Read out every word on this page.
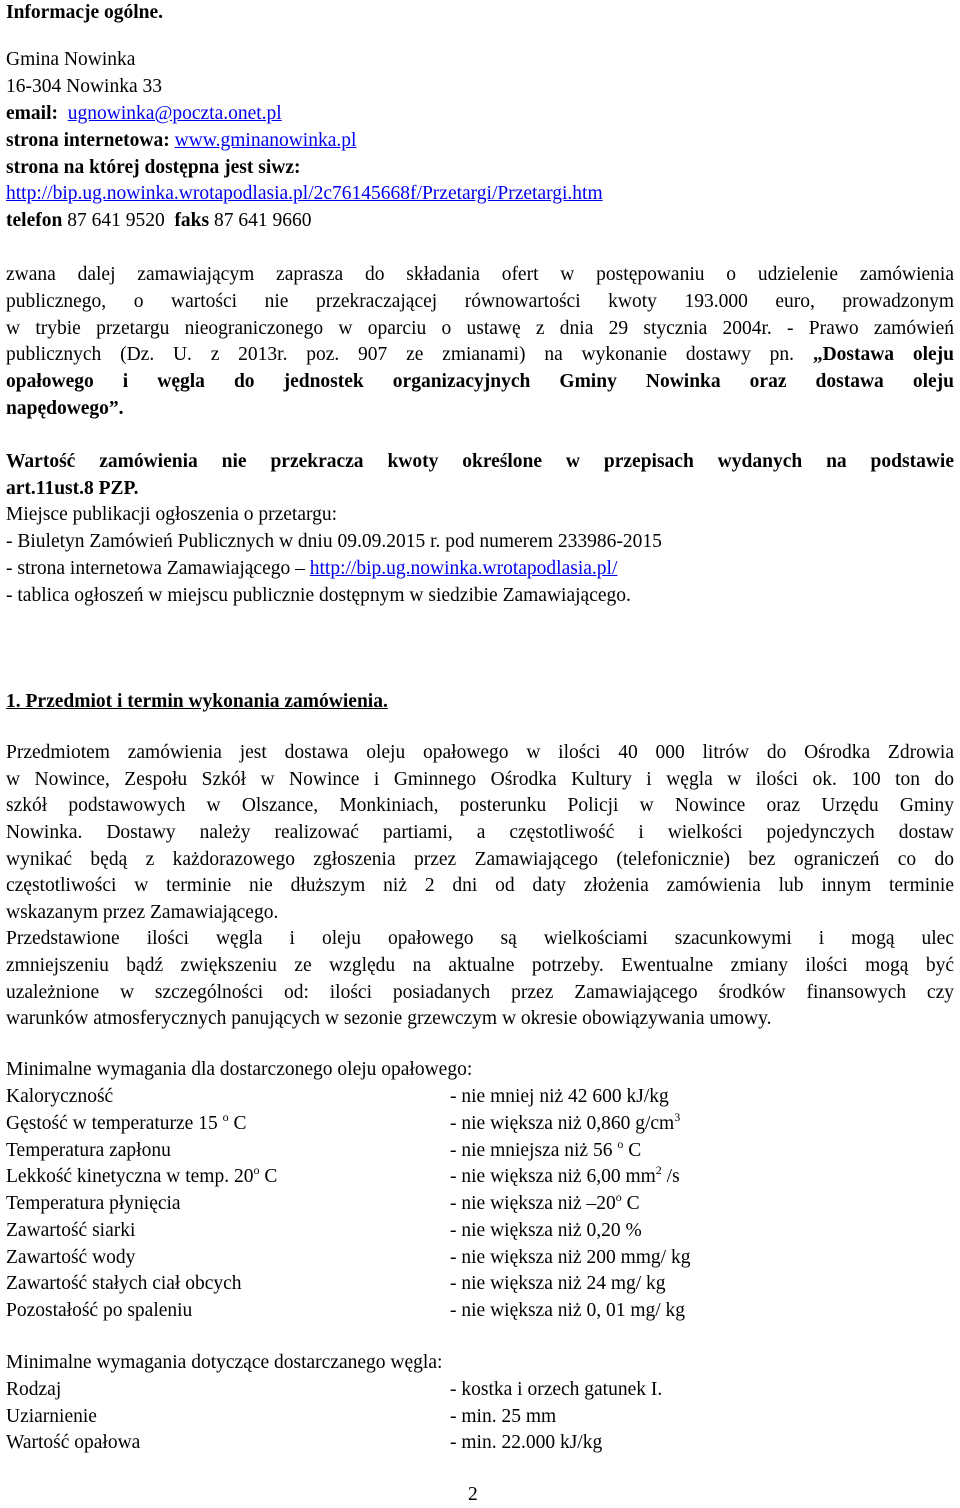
Informacje ogólne.
Gmina Nowinka
16-304 Nowinka 33
email: ugnowinka@poczta.onet.pl
strona internetowa: www.gminanowinka.pl
strona na której dostępna jest siwz:
http://bip.ug.nowinka.wrotapodlasia.pl/2c76145668f/Przetargi/Przetargi.htm
telefon 87 641 9520 faks 87 641 9660
zwana dalej zamawiającym zaprasza do składania ofert w postępowaniu o udzielenie zamówienia
publicznego, o wartości nie przekraczającej równowartości kwoty 193.000 euro, prowadzonym
w trybie przetargu nieograniczonego w oparciu o ustawę z dnia 29 stycznia 2004r. - Prawo zamówień
publicznych (Dz. U. z 2013r. poz. 907 ze zmianami) na wykonanie dostawy pn. „Dostawa oleju
opałowego i węgla do jednostek organizacyjnych Gminy Nowinka oraz dostawa oleju
napędowego”.
Wartość zamówienia nie przekracza kwoty określone w przepisach wydanych na podstawie
art.11ust.8 PZP.
Miejsce publikacji ogłoszenia o przetargu:
- Biuletyn Zamówień Publicznych w dniu 09.09.2015 r. pod numerem 233986-2015
- strona internetowa Zamawiającego – http://bip.ug.nowinka.wrotapodlasia.pl/
- tablica ogłoszeń w miejscu publicznie dostępnym w siedzibie Zamawiającego.
1. Przedmiot i termin wykonania zamówienia.
Przedmiotem zamówienia jest dostawa oleju opałowego w ilości 40 000 litrów do Ośrodka Zdrowia
w Nowince, Zespołu Szkół w Nowince i Gminnego Ośrodka Kultury i węgla w ilości ok. 100 ton do
szkół podstawowych w Olszance, Monkiniach, posterunku Policji w Nowince oraz Urzędu Gminy
Nowinka. Dostawy należy realizować partiami, a częstotliwość i wielkości pojedynczych dostaw
wynikać będą z każdorazowego zgłoszenia przez Zamawiającego (telefonicznie) bez ograniczeń co do
częstotliwości w terminie nie dłuższym niż 2 dni od daty złożenia zamówienia lub innym terminie
wskazanym przez Zamawiającego.
Przedstawione ilości węgla i oleju opałowego są wielkościami szacunkowymi i mogą ulec
zmniejszeniu bądź zwiększeniu ze względu na aktualne potrzeby. Ewentualne zmiany ilości mogą być
uzależnione w szczególności od: ilości posiadanych przez Zamawiającego środków finansowych czy
warunków atmosferycznych panujących w sezonie grzewczym w okresie obowiązywania umowy.
Minimalne wymagania dla dostarczonego oleju opałowego:
Kaloryczność	- nie mniej niż 42 600 kJ/kg
Gęstość w temperaturze 15 $^o$ C	- nie większa niż 0,860 $g/cm^3$
Temperatura zapłonu	- nie mniejsza niż 56 $^o$ C
Lekkość kinetyczna w temp. 20$^o$ C	- nie większa niż 6,00 $mm^2$ /s
Temperatura płynięcia	- nie większa niż –20$^o$ C
Zawartość siarki	- nie większa niż 0,20 %
Zawartość wody	- nie większa niż 200 mmg/ kg
Zawartość stałych ciał obcych	- nie większa niż 24 mg/ kg
Pozostałość po spaleniu	- nie większa niż 0, 01 mg/ kg
Minimalne wymagania dotyczące dostarczanego węgla:
Rodzaj	- kostka i orzech gatunek I.
Uziarnienie	- min. 25 mm
Wartość opałowa	- min. 22.000 kJ/kg
2
